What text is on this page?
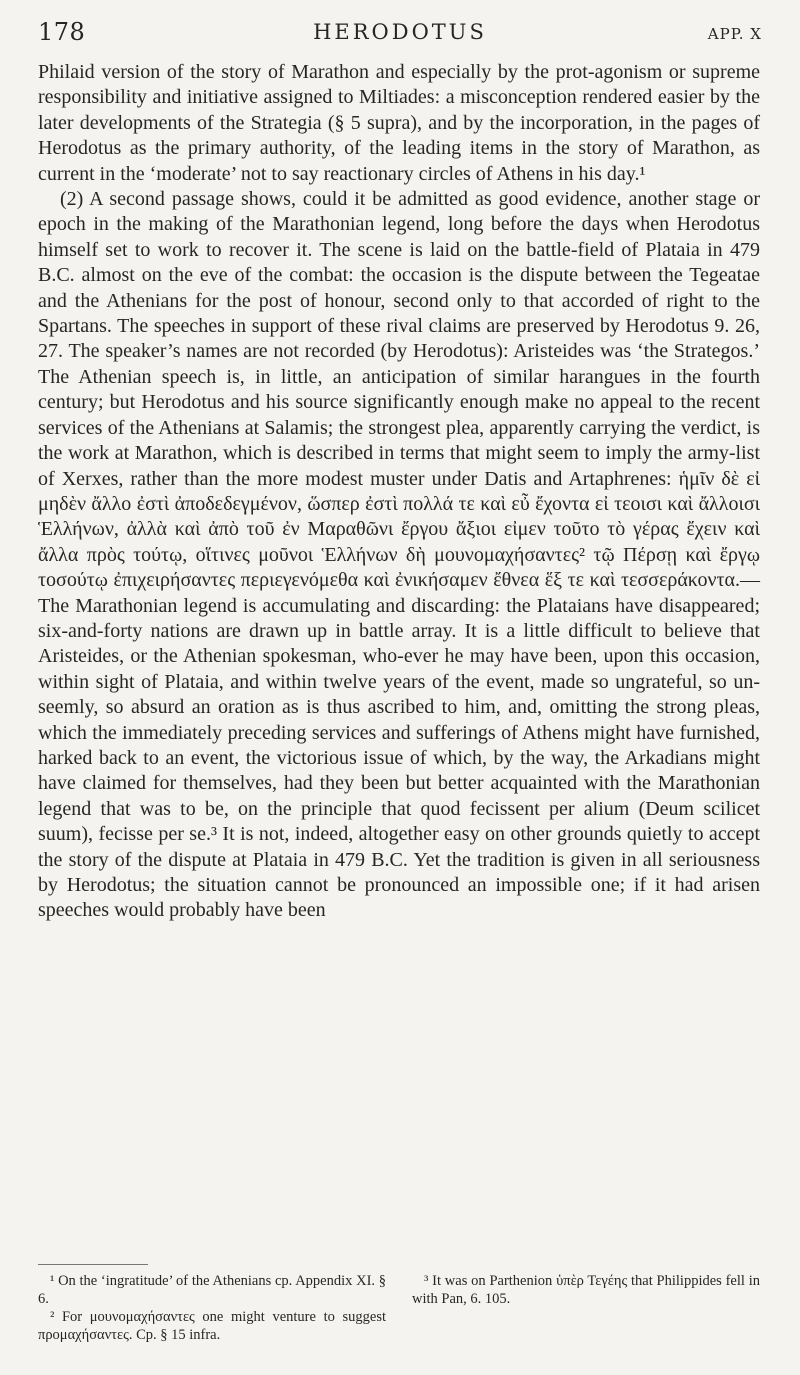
178	HERODOTUS	APP. X

Philaid version of the story of Marathon and especially by the prot-agonism or supreme responsibility and initiative assigned to Miltiades: a misconception rendered easier by the later developments of the Strategia (§ 5 supra), and by the incorporation, in the pages of Herodotus as the primary authority, of the leading items in the story of Marathon, as current in the ‘moderate’ not to say reactionary circles of Athens in his day.¹

(2) A second passage shows, could it be admitted as good evidence, another stage or epoch in the making of the Marathonian legend, long before the days when Herodotus himself set to work to recover it. The scene is laid on the battle-field of Plataia in 479 B.C. almost on the eve of the combat: the occasion is the dispute between the Tegeatae and the Athenians for the post of honour, second only to that accorded of right to the Spartans. The speeches in support of these rival claims are preserved by Herodotus 9. 26, 27. The speaker’s names are not recorded (by Herodotus): Aristeides was ‘the Strategos.’ The Athenian speech is, in little, an anticipation of similar harangues in the fourth century; but Herodotus and his source significantly enough make no appeal to the recent services of the Athenians at Salamis; the strongest plea, apparently carrying the verdict, is the work at Marathon, which is described in terms that might seem to imply the army-list of Xerxes, rather than the more modest muster under Datis and Artaphrenes: ἡμῖν δὲ εἰ μηδὲν ἄλλο ἐστὶ ἀποδεδεγμένον, ὥσπερ ἐστὶ πολλά τε καὶ εὖ ἔχοντα εἰ τεοισι καὶ ἄλλοισι Ἑλλήνων, ἀλλὰ καὶ ἀπὸ τοῦ ἐν Μαραθῶνι ἔργου ἄξιοι εἰμεν τοῦτο τὸ γέρας ἔχειν καὶ ἄλλα πρὸς τούτῳ, οἵτινες μοῦνοι Ἑλλήνων δὴ μουνομαχήσαντες² τῷ Πέρσῃ καὶ ἔργῳ τοσούτῳ ἐπιχειρήσαντες περιεγενόμεθα καὶ ἐνικήσαμεν ἔθνεα ἕξ τε καὶ τεσσεράκοντα.—The Marathonian legend is accumulating and discarding: the Plataians have disappeared; six-and-forty nations are drawn up in battle array. It is a little difficult to believe that Aristeides, or the Athenian spokesman, who-ever he may have been, upon this occasion, within sight of Plataia, and within twelve years of the event, made so ungrateful, so un-seemly, so absurd an oration as is thus ascribed to him, and, omitting the strong pleas, which the immediately preceding services and sufferings of Athens might have furnished, harked back to an event, the victorious issue of which, by the way, the Arkadians might have claimed for themselves, had they been but better acquainted with the Marathonian legend that was to be, on the principle that quod fecissent per alium (Deum scilicet suum), fecisse per se.³ It is not, indeed, altogether easy on other grounds quietly to accept the story of the dispute at Plataia in 479 B.C. Yet the tradition is given in all seriousness by Herodotus; the situation cannot be pronounced an impossible one; if it had arisen speeches would probably have been

¹ On the ‘ingratitude’ of the Athenians cp. Appendix XI. § 6.

² For μουνομαχήσαντες one might venture to suggest προμαχήσαντες. Cp. § 15 infra.

³ It was on Parthenion ὑπὲρ Τεγέης that Philippides fell in with Pan, 6. 105.
